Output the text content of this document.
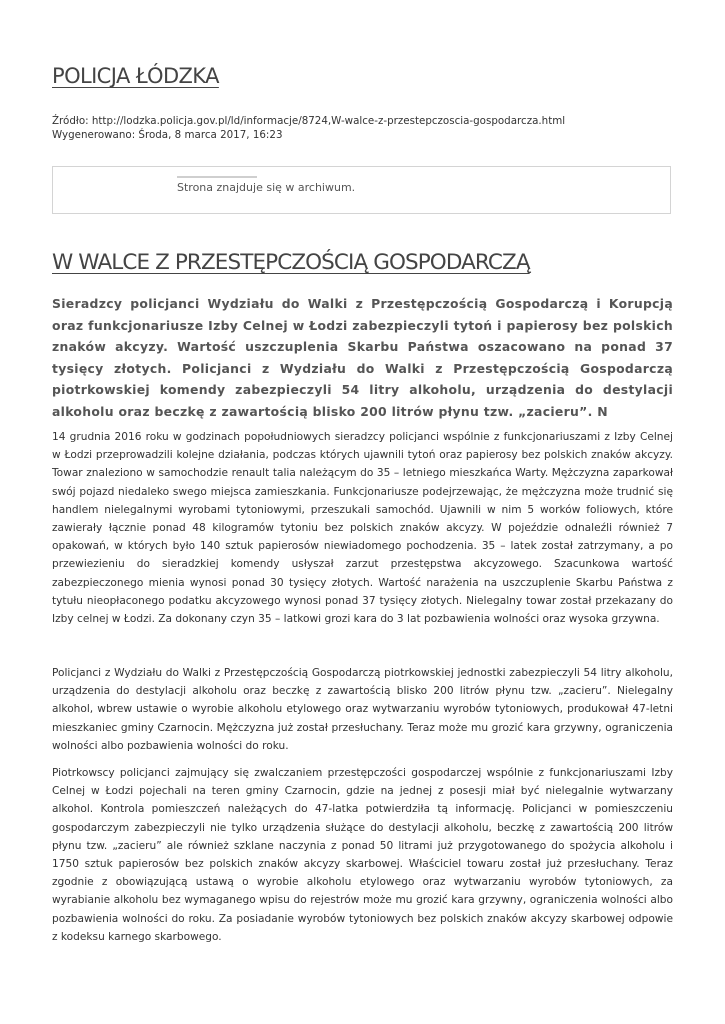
POLICJA ŁÓDZKA
Źródło: http://lodzka.policja.gov.pl/ld/informacje/8724,W-walce-z-przestepczoscia-gospodarcza.html
Wygenerowano: Środa, 8 marca 2017, 16:23
Strona znajduje się w archiwum.
W WALCE Z PRZESTĘPCZOŚCIĄ GOSPODARCZĄ

Sieradzcy policjanci Wydziału do Walki z Przestępczością Gospodarczą i Korupcją oraz funkcjonariusze Izby Celnej w Łodzi zabezpieczyli tytoń i papierosy bez polskich znaków akcyzy. Wartość uszczuplenia Skarbu Państwa oszacowano na ponad 37 tysięcy złotych. Policjanci z Wydziału do Walki z Przestępczością Gospodarczą piotrkowskiej komendy zabezpieczyli 54 litry alkoholu, urządzenia do destylacji alkoholu oraz beczkę z zawartością blisko 200 litrów płynu tzw. „zacieru”. N

14 grudnia 2016 roku w godzinach popołudniowych sieradzcy policjanci wspólnie z funkcjonariuszami z Izby Celnej w Łodzi przeprowadzili kolejne działania, podczas których ujawnili tytoń oraz papierosy bez polskich znaków akcyzy. Towar znaleziono w samochodzie renault talia należącym do 35 – letniego mieszkańca Warty. Mężczyzna zaparkował swój pojazd niedaleko swego miejsca zamieszkania. Funkcjonariusze podejrzewając, że mężczyzna może trudnić się handlem nielegalnymi wyrobami tytoniowymi, przeszukali samochód. Ujawnili w nim 5 worków foliowych, które zawierały łącznie ponad 48 kilogramów tytoniu bez polskich znaków akcyzy. W pojeździe odnaleźli również 7 opakowań, w których było 140 sztuk papierosów niewiadomego pochodzenia. 35 – latek został zatrzymany, a po przewiezieniu do sieradzkiej komendy usłyszał zarzut przestępstwa akcyzowego. Szacunkowa wartość zabezpieczonego mienia wynosi ponad 30 tysięcy złotych. Wartość narażenia na uszczuplenie Skarbu Państwa z tytułu nieopłaconego podatku akcyzowego wynosi ponad 37 tysięcy złotych. Nielegalny towar został przekazany do Izby celnej w Łodzi. Za dokonany czyn 35 – latkowi grozi kara do 3 lat pozbawienia wolności oraz wysoka grzywna.

Policjanci z Wydziału do Walki z Przestępczością Gospodarczą piotrkowskiej jednostki zabezpieczyli 54 litry alkoholu, urządzenia do destylacji alkoholu oraz beczkę z zawartością blisko 200 litrów płynu tzw. „zacieru”. Nielegalny alkohol, wbrew ustawie o wyrobie alkoholu etylowego oraz wytwarzaniu wyrobów tytoniowych, produkował 47-letni mieszkaniec gminy Czarnocin. Mężczyzna już został przesłuchany. Teraz może mu grozić kara grzywny, ograniczenia wolności albo pozbawienia wolności do roku.

Piotrkowscy policjanci zajmujący się zwalczaniem przestępczości gospodarczej wspólnie z funkcjonariuszami Izby Celnej w Łodzi pojechali na teren gminy Czarnocin, gdzie na jednej z posesji miał być nielegalnie wytwarzany alkohol. Kontrola pomieszczeń należących do 47-latka potwierdziła tą informację. Policjanci w pomieszczeniu gospodarczym zabezpieczyli nie tylko urządzenia służące do destylacji alkoholu, beczkę z zawartością 200 litrów płynu tzw. „zacieru” ale również szklane naczynia z ponad 50 litrami już przygotowanego do spożycia alkoholu i 1750 sztuk papierosów bez polskich znaków akcyzy skarbowej. Właściciel towaru został już przesłuchany. Teraz zgodnie z obowiązującą ustawą o wyrobie alkoholu etylowego oraz wytwarzaniu wyrobów tytoniowych, za wyrabianie alkoholu bez wymaganego wpisu do rejestrów może mu grozić kara grzywny, ograniczenia wolności albo pozbawienia wolności do roku. Za posiadanie wyrobów tytoniowych bez polskich znaków akcyzy skarbowej odpowie z kodeksu karnego skarbowego.
